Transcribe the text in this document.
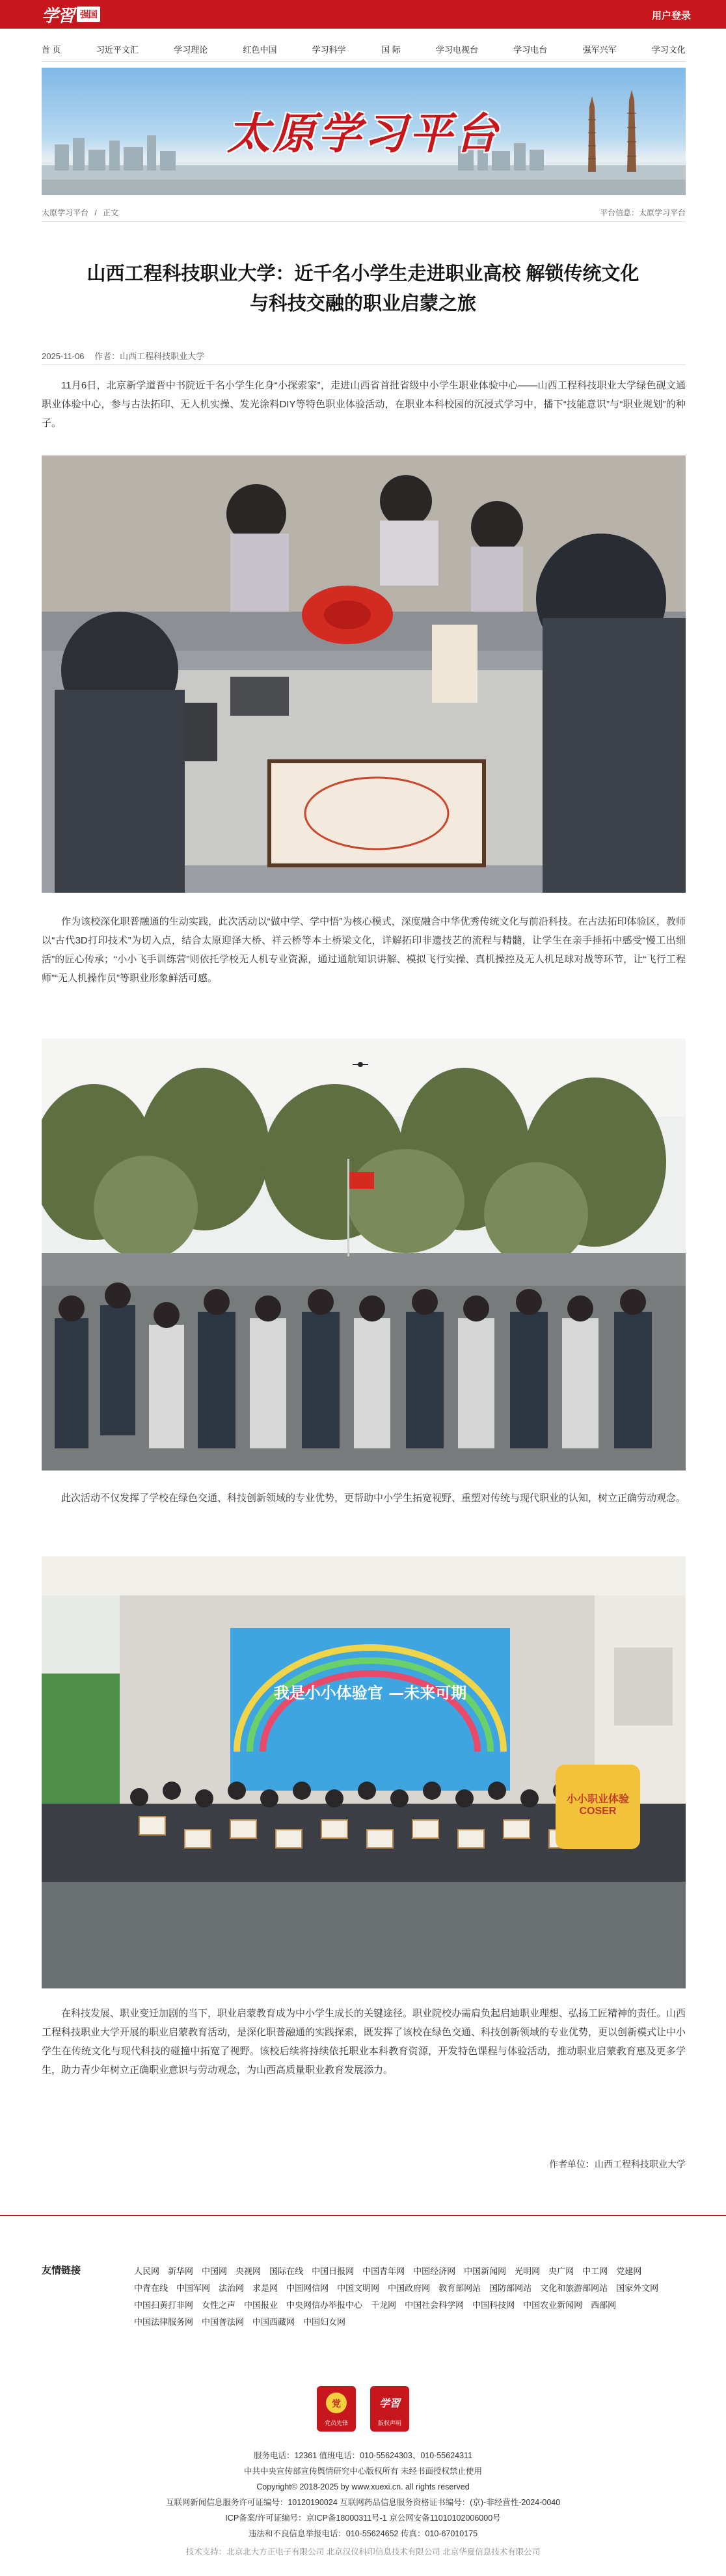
学習 强国	用户登录
首 页	习近平文汇	学习理论	红色中国	学习科学	国 际	学习电视台	学习电台	强军兴军	学习文化
太原学习平台
太原学习平台 / 正文	平台信息：太原学习平台
山西工程科技职业大学：近千名小学生走进职业高校 解锁传统文化与科技交融的职业启蒙之旅
2025-11-06 作者：山西工程科技职业大学

11月6日，北京新学道晋中书院近千名小学生化身“小探索家”，走进山西省首批省级中小学生职业体验中心——山西工程科技职业大学绿色砚文通职业体验中心，参与古法拓印、无人机实操、发光涂料DIY等特色职业体验活动，在职业本科校园的沉浸式学习中，播下“技能意识”与“职业规划”的种子。

作为该校深化职普融通的生动实践，此次活动以“做中学、学中悟”为核心模式，深度融合中华优秀传统文化与前沿科技。在古法拓印体验区，教师以“古代3D打印技术”为切入点，结合太原迎泽大桥、祥云桥等本土桥梁文化，详解拓印非遗技艺的流程与精髓，让学生在亲手捶拓中感受“慢工出细活”的匠心传承；“小小飞手训练营”则依托学校无人机专业资源，通过通航知识讲解、模拟飞行实操、真机操控及无人机足球对战等环节，让“飞行工程师”“无人机操作员”等职业形象鲜活可感。

此次活动不仅发挥了学校在绿色交通、科技创新领域的专业优势，更帮助中小学生拓宽视野、重塑对传统与现代职业的认知，树立正确劳动观念。

我是小小体验官 —未来可期
小小职业体验 COSER

在科技发展、职业变迁加剧的当下，职业启蒙教育成为中小学生成长的关键途径。职业院校办需肩负起启迪职业理想、弘扬工匠精神的责任。山西工程科技职业大学开展的职业启蒙教育活动，是深化职普融通的实践探索，既发挥了该校在绿色交通、科技创新领域的专业优势，更以创新模式让中小学生在传统文化与现代科技的碰撞中拓宽了视野。该校后续将持续依托职业本科教育资源，开发特色课程与体验活动，推动职业启蒙教育惠及更多学生，助力青少年树立正确职业意识与劳动观念，为山西高质量职业教育发展添力。

作者单位：山西工程科技职业大学
友情链接	人民网 新华网 中国网 央视网 国际在线 中国日报网 中国青年网 中国经济网 中国新闻网 光明网 央广网 中工网 党建网中青在线 中国军网 法治网 求是网 中国网信网 中国文明网 中国政府网 教育部网站 国防部网站 文化和旅游部网站 国家外文网中国扫黄打非网 女性之声 中国报业 中央网信办举报中心 千龙网 中国社会科学网 中国科技网 中国农业新闻网 西部网中国法律服务网 中国普法网 中国西藏网 中国妇女网
党
党员先锋
学習
版权声明
服务电话：12361 值班电话：010-55624303、010-55624311
中共中央宣传部宣传舆情研究中心版权所有 未经书面授权禁止使用
Copyright© 2018-2025 by www.xuexi.cn. all rights reserved
互联网新闻信息服务许可证编号：10120190024 互联网药品信息服务资格证书编号：(京)-非经营性-2024-0040
ICP备案/许可证编号：京ICP备18000311号-1 京公网安备11010102006000号
违法和不良信息举报电话：010-55624652 传真：010-67010175
技术支持：北京北大方正电子有限公司 北京汉仪科印信息技术有限公司 北京华夏信息技术有限公司
